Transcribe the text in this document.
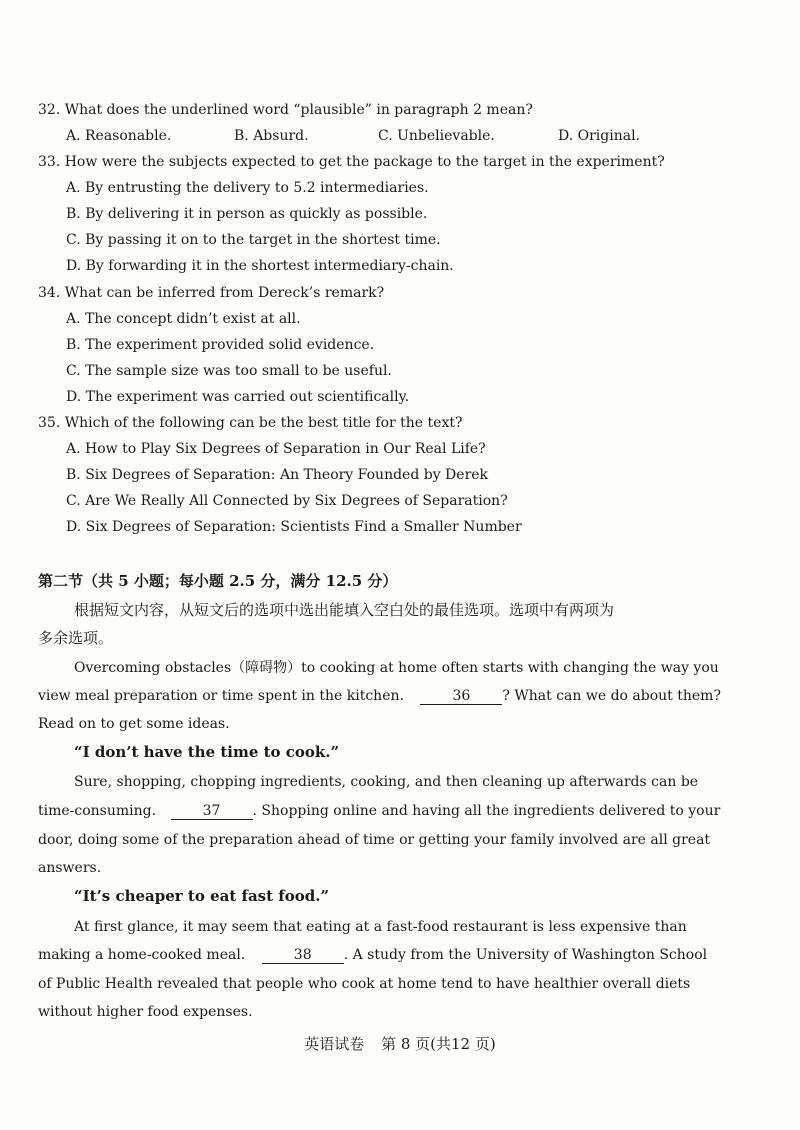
32. What does the underlined word “plausible” in paragraph 2 mean?
A. Reasonable.	B. Absurd.	C. Unbelievable.	D. Original.
33. How were the subjects expected to get the package to the target in the experiment?
A. By entrusting the delivery to 5.2 intermediaries.
B. By delivering it in person as quickly as possible.
C. By passing it on to the target in the shortest time.
D. By forwarding it in the shortest intermediary-chain.
34. What can be inferred from Dereck’s remark?
A. The concept didn’t exist at all.
B. The experiment provided solid evidence.
C. The sample size was too small to be useful.
D. The experiment was carried out scientifically.
35. Which of the following can be the best title for the text?
A. How to Play Six Degrees of Separation in Our Real Life?
B. Six Degrees of Separation: An Theory Founded by Derek
C. Are We Really All Connected by Six Degrees of Separation?
D. Six Degrees of Separation: Scientists Find a Smaller Number
第二节（共 5 小题；每小题 2.5 分，满分 12.5 分）
根据短文内容，从短文后的选项中选出能填入空白处的最佳选项。选项中有两项为
多余选项。
Overcoming obstacles（障碍物）to cooking at home often starts with changing the way you
view meal preparation or time spent in the kitchen.	36 ? What can we do about them?
Read on to get some ideas.
“I don’t have the time to cook.”
Sure, shopping, chopping ingredients, cooking, and then cleaning up afterwards can be
time-consuming.	37 . Shopping online and having all the ingredients delivered to your
door, doing some of the preparation ahead of time or getting your family involved are all great
answers.
“It’s cheaper to eat fast food.”
At first glance, it may seem that eating at a fast-food restaurant is less expensive than
making a home-cooked meal.	38 . A study from the University of Washington School
of Public Health revealed that people who cook at home tend to have healthier overall diets
without higher food expenses.
英语试卷 第 8 页(共12 页)
